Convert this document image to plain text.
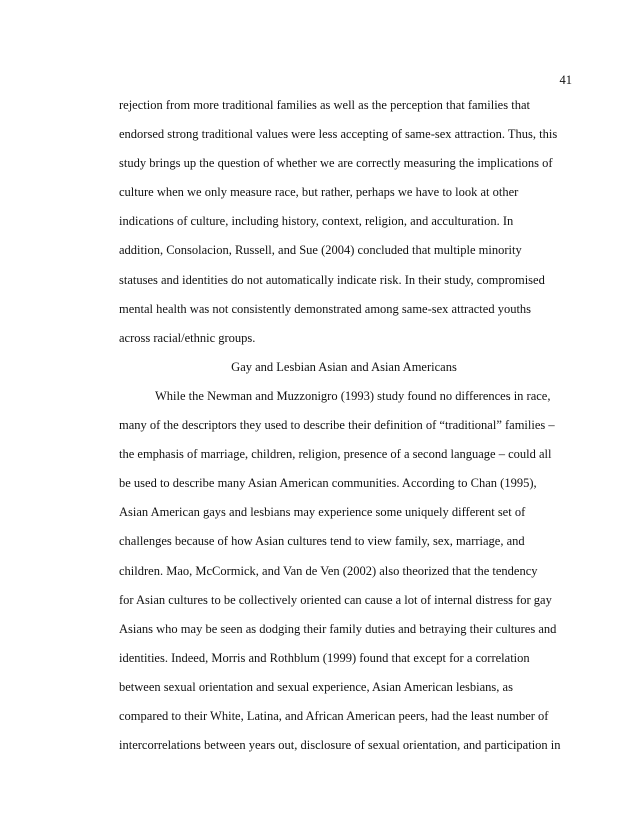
41
rejection from more traditional families as well as the perception that families that
endorsed strong traditional values were less accepting of same-sex attraction. Thus, this
study brings up the question of whether we are correctly measuring the implications of
culture when we only measure race, but rather, perhaps we have to look at other
indications of culture, including history, context, religion, and acculturation. In
addition, Consolacion, Russell, and Sue (2004) concluded that multiple minority
statuses and identities do not automatically indicate risk. In their study, compromised
mental health was not consistently demonstrated among same-sex attracted youths
across racial/ethnic groups.
Gay and Lesbian Asian and Asian Americans
While the Newman and Muzzonigro (1993) study found no differences in race,
many of the descriptors they used to describe their definition of “traditional” families –
the emphasis of marriage, children, religion, presence of a second language – could all
be used to describe many Asian American communities. According to Chan (1995),
Asian American gays and lesbians may experience some uniquely different set of
challenges because of how Asian cultures tend to view family, sex, marriage, and
children. Mao, McCormick, and Van de Ven (2002) also theorized that the tendency
for Asian cultures to be collectively oriented can cause a lot of internal distress for gay
Asians who may be seen as dodging their family duties and betraying their cultures and
identities. Indeed, Morris and Rothblum (1999) found that except for a correlation
between sexual orientation and sexual experience, Asian American lesbians, as
compared to their White, Latina, and African American peers, had the least number of
intercorrelations between years out, disclosure of sexual orientation, and participation in
